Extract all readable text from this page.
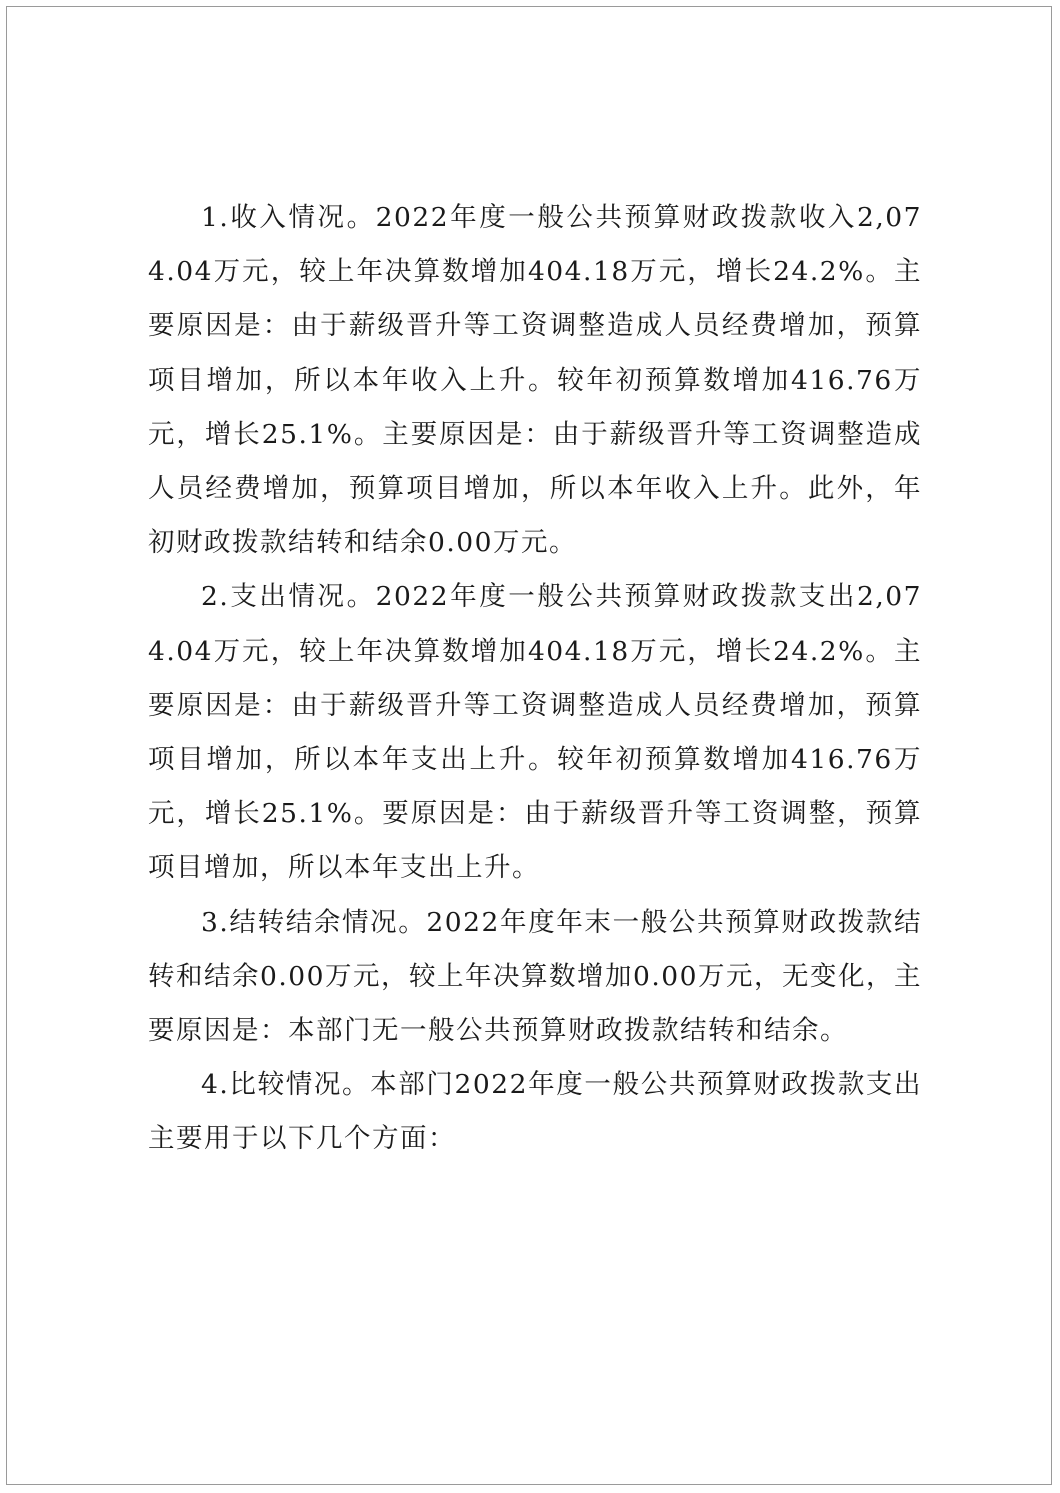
1.收入情况。2022年度一般公共预算财政拨款收入2,074.04万元，较上年决算数增加404.18万元，增长24.2%。主要原因是：由于薪级晋升等工资调整造成人员经费增加，预算项目增加，所以本年收入上升。较年初预算数增加416.76万元，增长25.1%。主要原因是：由于薪级晋升等工资调整造成人员经费增加，预算项目增加，所以本年收入上升。此外，年初财政拨款结转和结余0.00万元。

2.支出情况。2022年度一般公共预算财政拨款支出2,074.04万元，较上年决算数增加404.18万元，增长24.2%。主要原因是：由于薪级晋升等工资调整造成人员经费增加，预算项目增加，所以本年支出上升。较年初预算数增加416.76万元，增长25.1%。要原因是：由于薪级晋升等工资调整，预算项目增加，所以本年支出上升。

3.结转结余情况。2022年度年末一般公共预算财政拨款结转和结余0.00万元，较上年决算数增加0.00万元，无变化，主要原因是：本部门无一般公共预算财政拨款结转和结余。

4.比较情况。本部门2022年度一般公共预算财政拨款支出主要用于以下几个方面：
